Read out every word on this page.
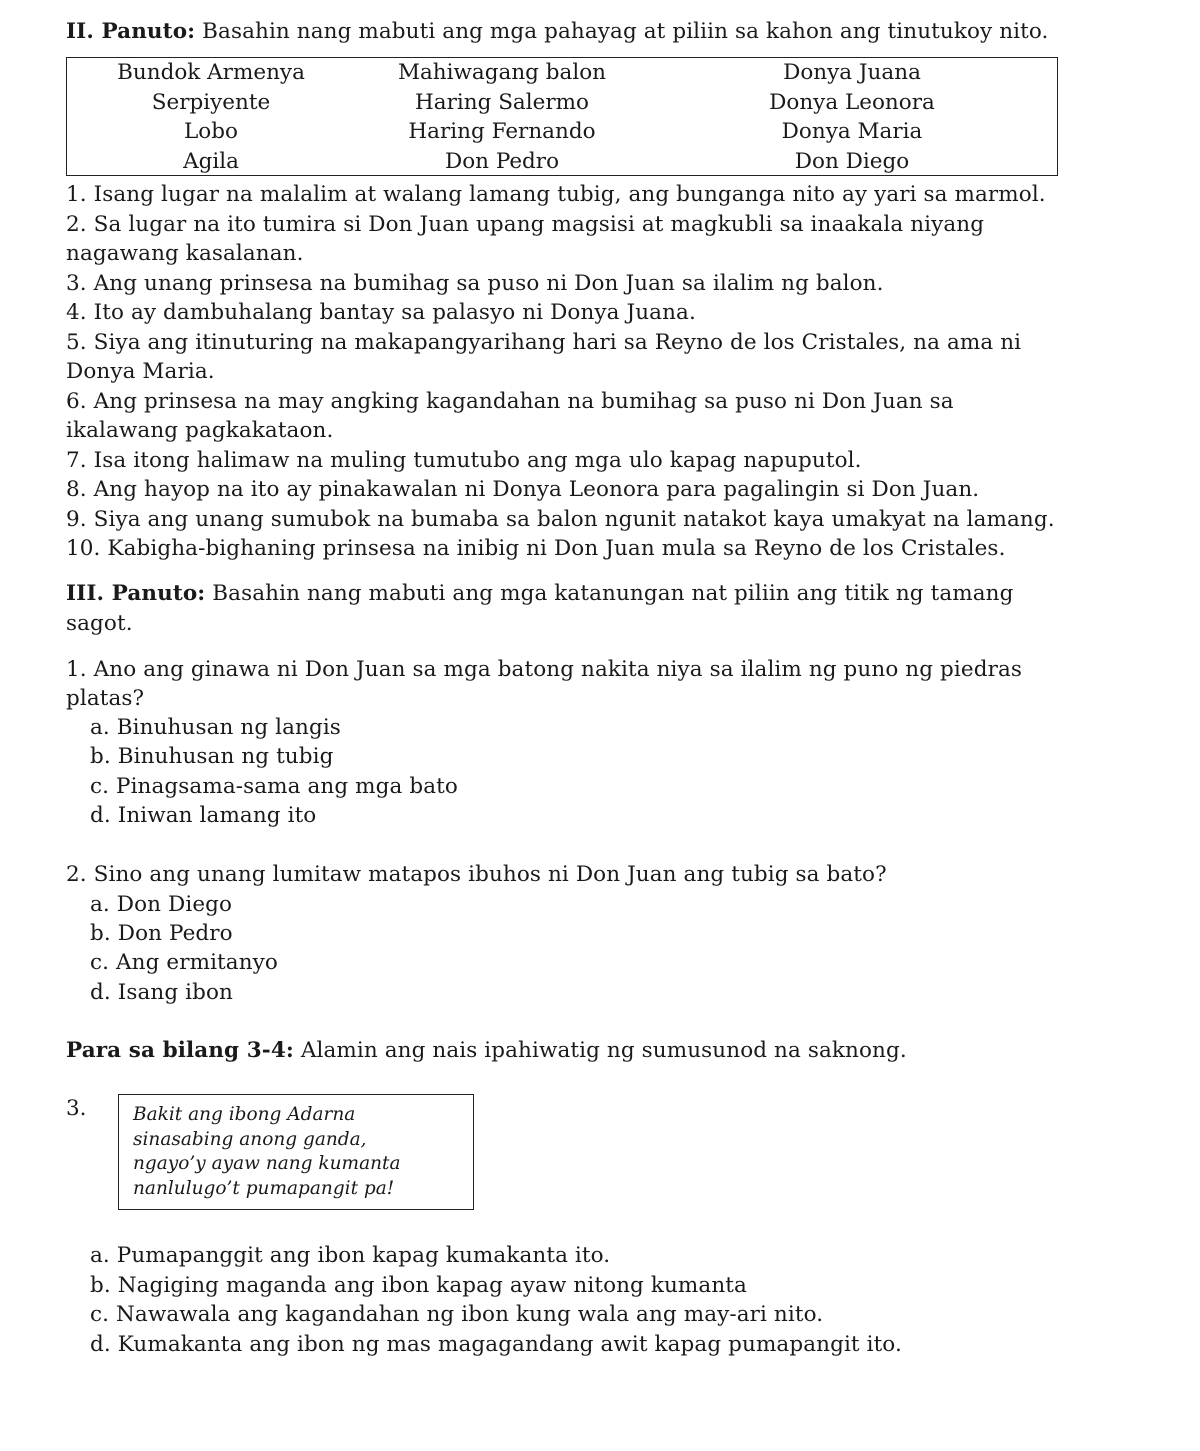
II. Panuto: Basahin nang mabuti ang mga pahayag at piliin sa kahon ang tinutukoy nito.
Bundok Armenya	Mahiwagang balon	Donya Juana
Serpiyente	Haring Salermo	Donya Leonora
Lobo	Haring Fernando	Donya Maria
Agila	Don Pedro	Don Diego
1. Isang lugar na malalim at walang lamang tubig, ang bunganga nito ay yari sa marmol.
2. Sa lugar na ito tumira si Don Juan upang magsisi at magkubli sa inaakala niyang
nagawang kasalanan.
3. Ang unang prinsesa na bumihag sa puso ni Don Juan sa ilalim ng balon.
4. Ito ay dambuhalang bantay sa palasyo ni Donya Juana.
5. Siya ang itinuturing na makapangyarihang hari sa Reyno de los Cristales, na ama ni
Donya Maria.
6. Ang prinsesa na may angking kagandahan na bumihag sa puso ni Don Juan sa
ikalawang pagkakataon.
7. Isa itong halimaw na muling tumutubo ang mga ulo kapag napuputol.
8. Ang hayop na ito ay pinakawalan ni Donya Leonora para pagalingin si Don Juan.
9. Siya ang unang sumubok na bumaba sa balon ngunit natakot kaya umakyat na lamang.
10. Kabigha-bighaning prinsesa na inibig ni Don Juan mula sa Reyno de los Cristales.
III. Panuto: Basahin nang mabuti ang mga katanungan nat piliin ang titik ng tamang
sagot.
1. Ano ang ginawa ni Don Juan sa mga batong nakita niya sa ilalim ng puno ng piedras
platas?
a. Binuhusan ng langis
b. Binuhusan ng tubig
c. Pinagsama-sama ang mga bato
d. Iniwan lamang ito
2. Sino ang unang lumitaw matapos ibuhos ni Don Juan ang tubig sa bato?
a. Don Diego
b. Don Pedro
c. Ang ermitanyo
d. Isang ibon
Para sa bilang 3-4: Alamin ang nais ipahiwatig ng sumusunod na saknong.
3.	Bakit ang ibong Adarna
sinasabing anong ganda,
ngayo’y ayaw nang kumanta
nanlulugo’t pumapangit pa!
a. Pumapanggit ang ibon kapag kumakanta ito.
b. Nagiging maganda ang ibon kapag ayaw nitong kumanta
c. Nawawala ang kagandahan ng ibon kung wala ang may-ari nito.
d. Kumakanta ang ibon ng mas magagandang awit kapag pumapangit ito.
